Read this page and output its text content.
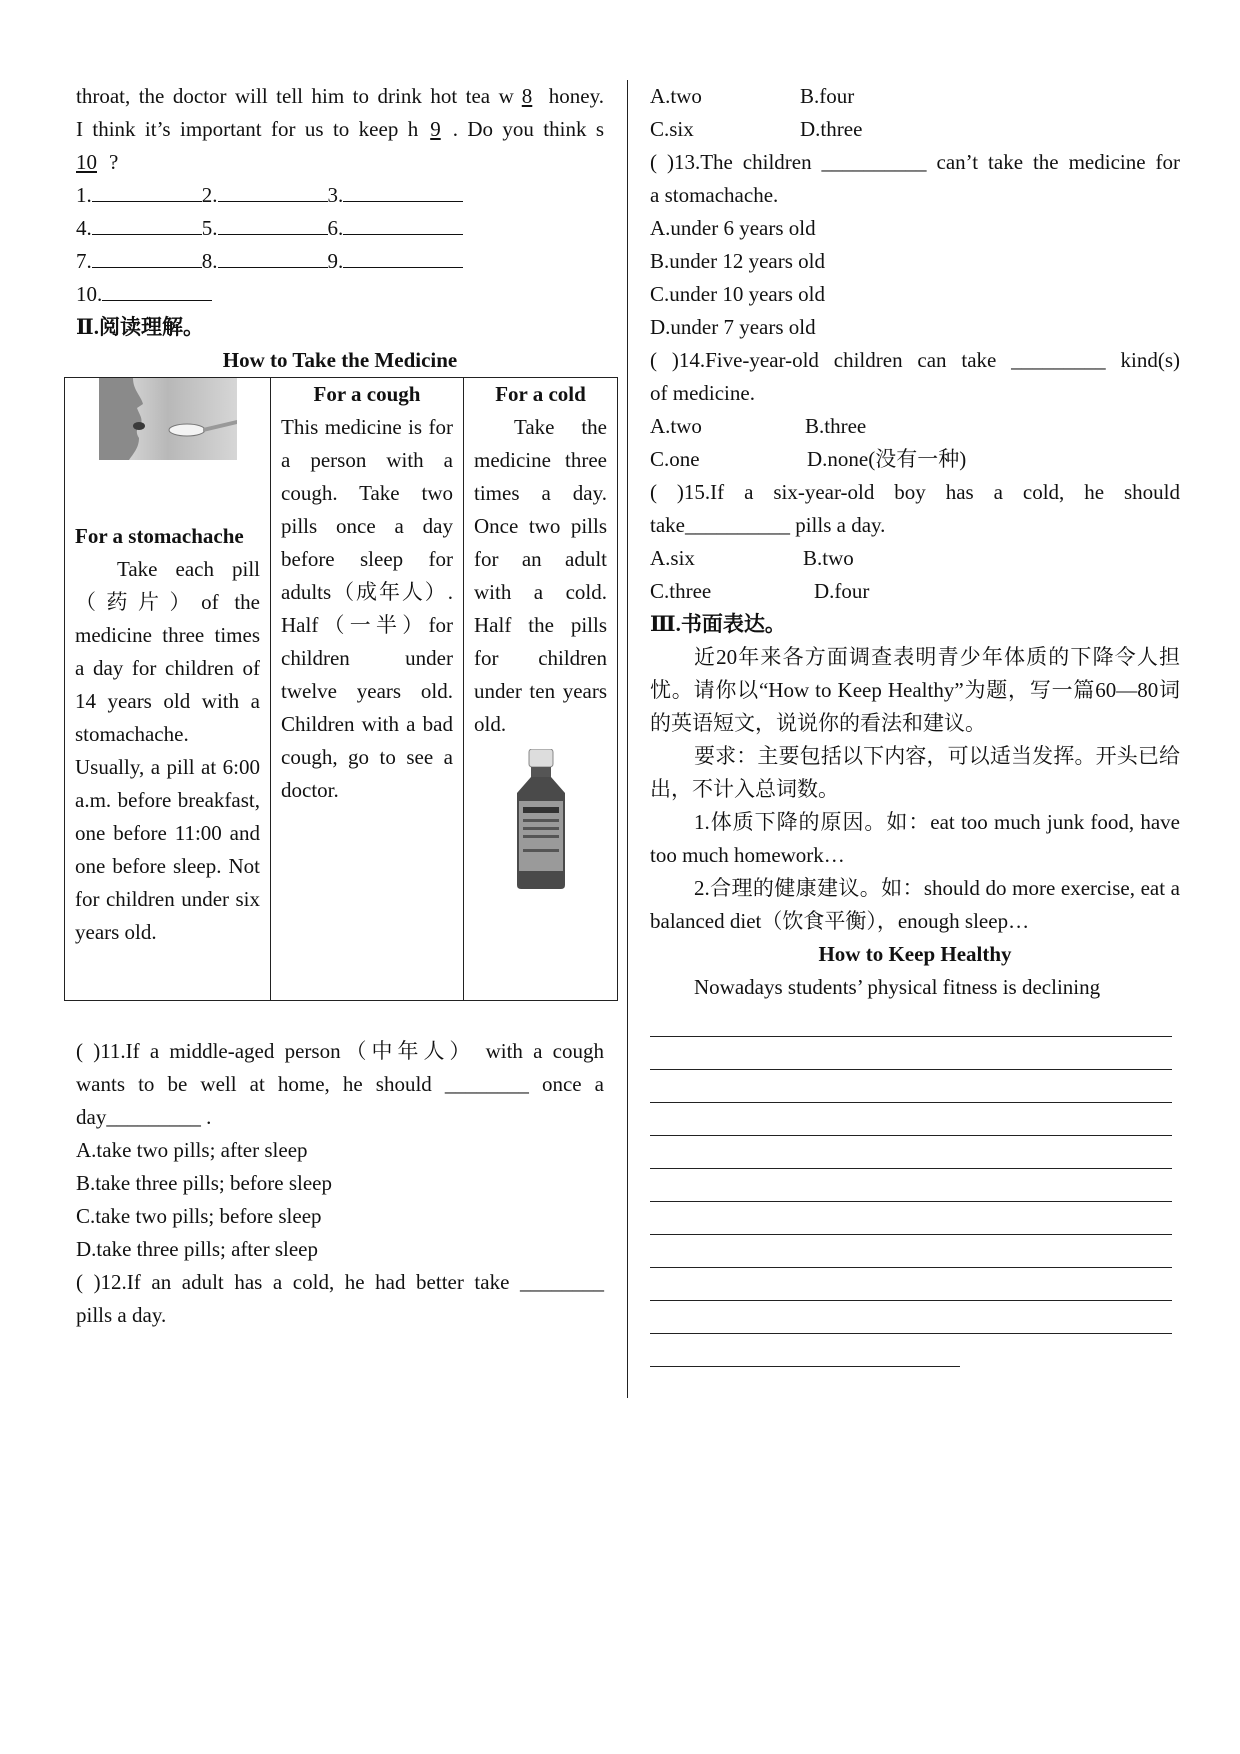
throat, the doctor will tell him to drink hot tea w 8 honey.
I think it’s important for us to keep h 9 . Do you think s
10 ?
1.	2.	3.
4.	5.	6.
7.	8.	9.
10.
Ⅱ.阅读理解。
How to Take the Medicine
For a stomachache
Take each pill（药片）of the medicine three times a day for children of 14 years old with a stomachache. Usually, a pill at 6:00 a.m. before breakfast, one before 11:00 and one before sleep. Not for children under six years old.

For a cough
This medicine is for a person with a cough. Take two pills once a day before sleep for adults（成年人）. Half（一半）for children under twelve years old. Children with a bad cough, go to see a doctor.

For a cold
Take the medicine three times a day. Once two pills for an adult with a cold. Half the pills for children under ten years old.
( )11.If a middle-aged person（中年人） with a cough
wants to be well at home, he should ________ once a
day_________ .
A.take two pills; after sleep
B.take three pills; before sleep
C.take two pills; before sleep
D.take three pills; after sleep
( )12.If an adult has a cold, he had better take ________
pills a day.
A.two	B.four
C.six	D.three
( )13.The children __________ can’t take the medicine for
a stomachache.
A.under 6 years old
B.under 12 years old
C.under 10 years old
D.under 7 years old
( )14.Five-year-old children can take _________ kind(s)
of medicine.
A.two	B.three
C.one	D.none(没有一种)
( )15.If a six-year-old boy has a cold, he should
take__________ pills a day.
A.six	B.two
C.three	D.four
Ⅲ.书面表达。
近20年来各方面调查表明青少年体质的下降令人担忧。请你以“How to Keep Healthy”为题，写一篇60—80词的英语短文，说说你的看法和建议。
要求：主要包括以下内容，可以适当发挥。开头已给出，不计入总词数。
1.体质下降的原因。如：eat too much junk food, have too much homework…
2.合理的健康建议。如：should do more exercise, eat a balanced diet（饮食平衡），enough sleep…
How to Keep Healthy
Nowadays students’ physical fitness is declining
